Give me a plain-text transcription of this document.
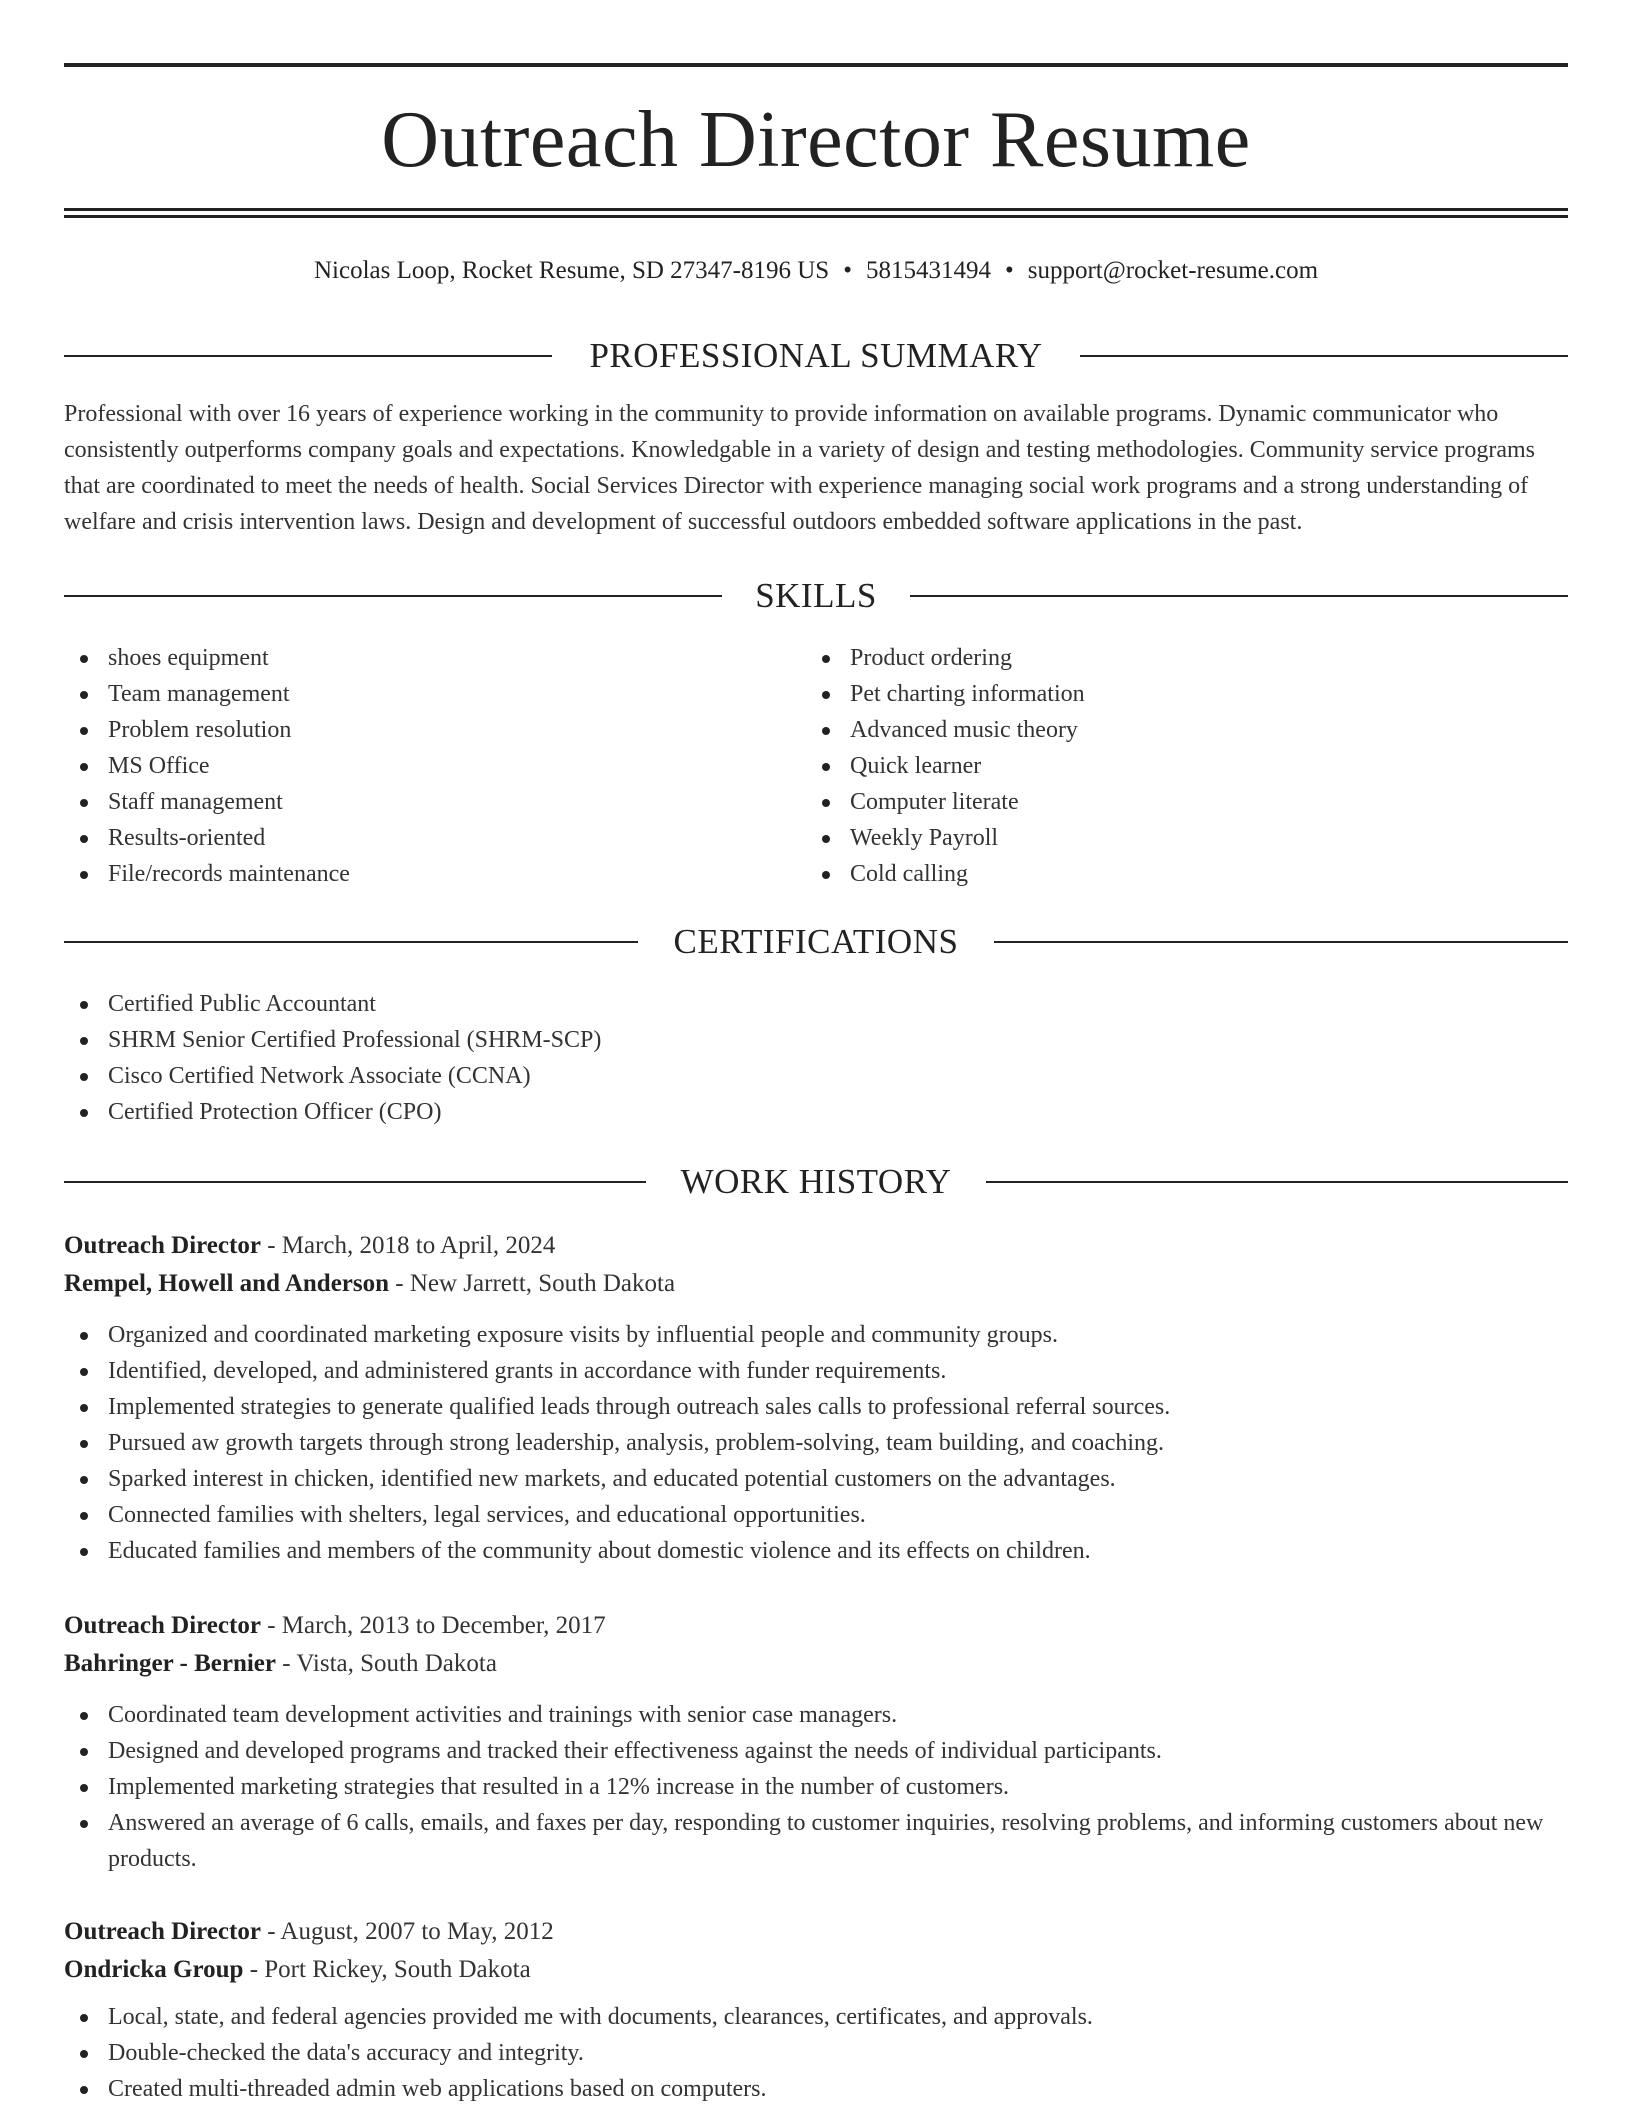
Outreach Director Resume
Nicolas Loop, Rocket Resume, SD 27347-8196 US • 5815431494 • support@rocket-resume.com
PROFESSIONAL SUMMARY

Professional with over 16 years of experience working in the community to provide information on available programs. Dynamic communicator who consistently outperforms company goals and expectations. Knowledgable in a variety of design and testing methodologies. Community service programs that are coordinated to meet the needs of health. Social Services Director with experience managing social work programs and a strong understanding of welfare and crisis intervention laws. Design and development of successful outdoors embedded software applications in the past.

SKILLS
shoes equipment
Team management
Problem resolution
MS Office
Staff management
Results-oriented
File/records maintenance
Product ordering
Pet charting information
Advanced music theory
Quick learner
Computer literate
Weekly Payroll
Cold calling
CERTIFICATIONS
Certified Public Accountant
SHRM Senior Certified Professional (SHRM-SCP)
Cisco Certified Network Associate (CCNA)
Certified Protection Officer (CPO)
WORK HISTORY
Outreach Director - March, 2018 to April, 2024
Rempel, Howell and Anderson - New Jarrett, South Dakota
Organized and coordinated marketing exposure visits by influential people and community groups.
Identified, developed, and administered grants in accordance with funder requirements.
Implemented strategies to generate qualified leads through outreach sales calls to professional referral sources.
Pursued aw growth targets through strong leadership, analysis, problem-solving, team building, and coaching.
Sparked interest in chicken, identified new markets, and educated potential customers on the advantages.
Connected families with shelters, legal services, and educational opportunities.
Educated families and members of the community about domestic violence and its effects on children.
Outreach Director - March, 2013 to December, 2017
Bahringer - Bernier - Vista, South Dakota
Coordinated team development activities and trainings with senior case managers.
Designed and developed programs and tracked their effectiveness against the needs of individual participants.
Implemented marketing strategies that resulted in a 12% increase in the number of customers.
Answered an average of 6 calls, emails, and faxes per day, responding to customer inquiries, resolving problems, and informing customers about new products.
Outreach Director - August, 2007 to May, 2012
Ondricka Group - Port Rickey, South Dakota
Local, state, and federal agencies provided me with documents, clearances, certificates, and approvals.
Double-checked the data's accuracy and integrity.
Created multi-threaded admin web applications based on computers.
